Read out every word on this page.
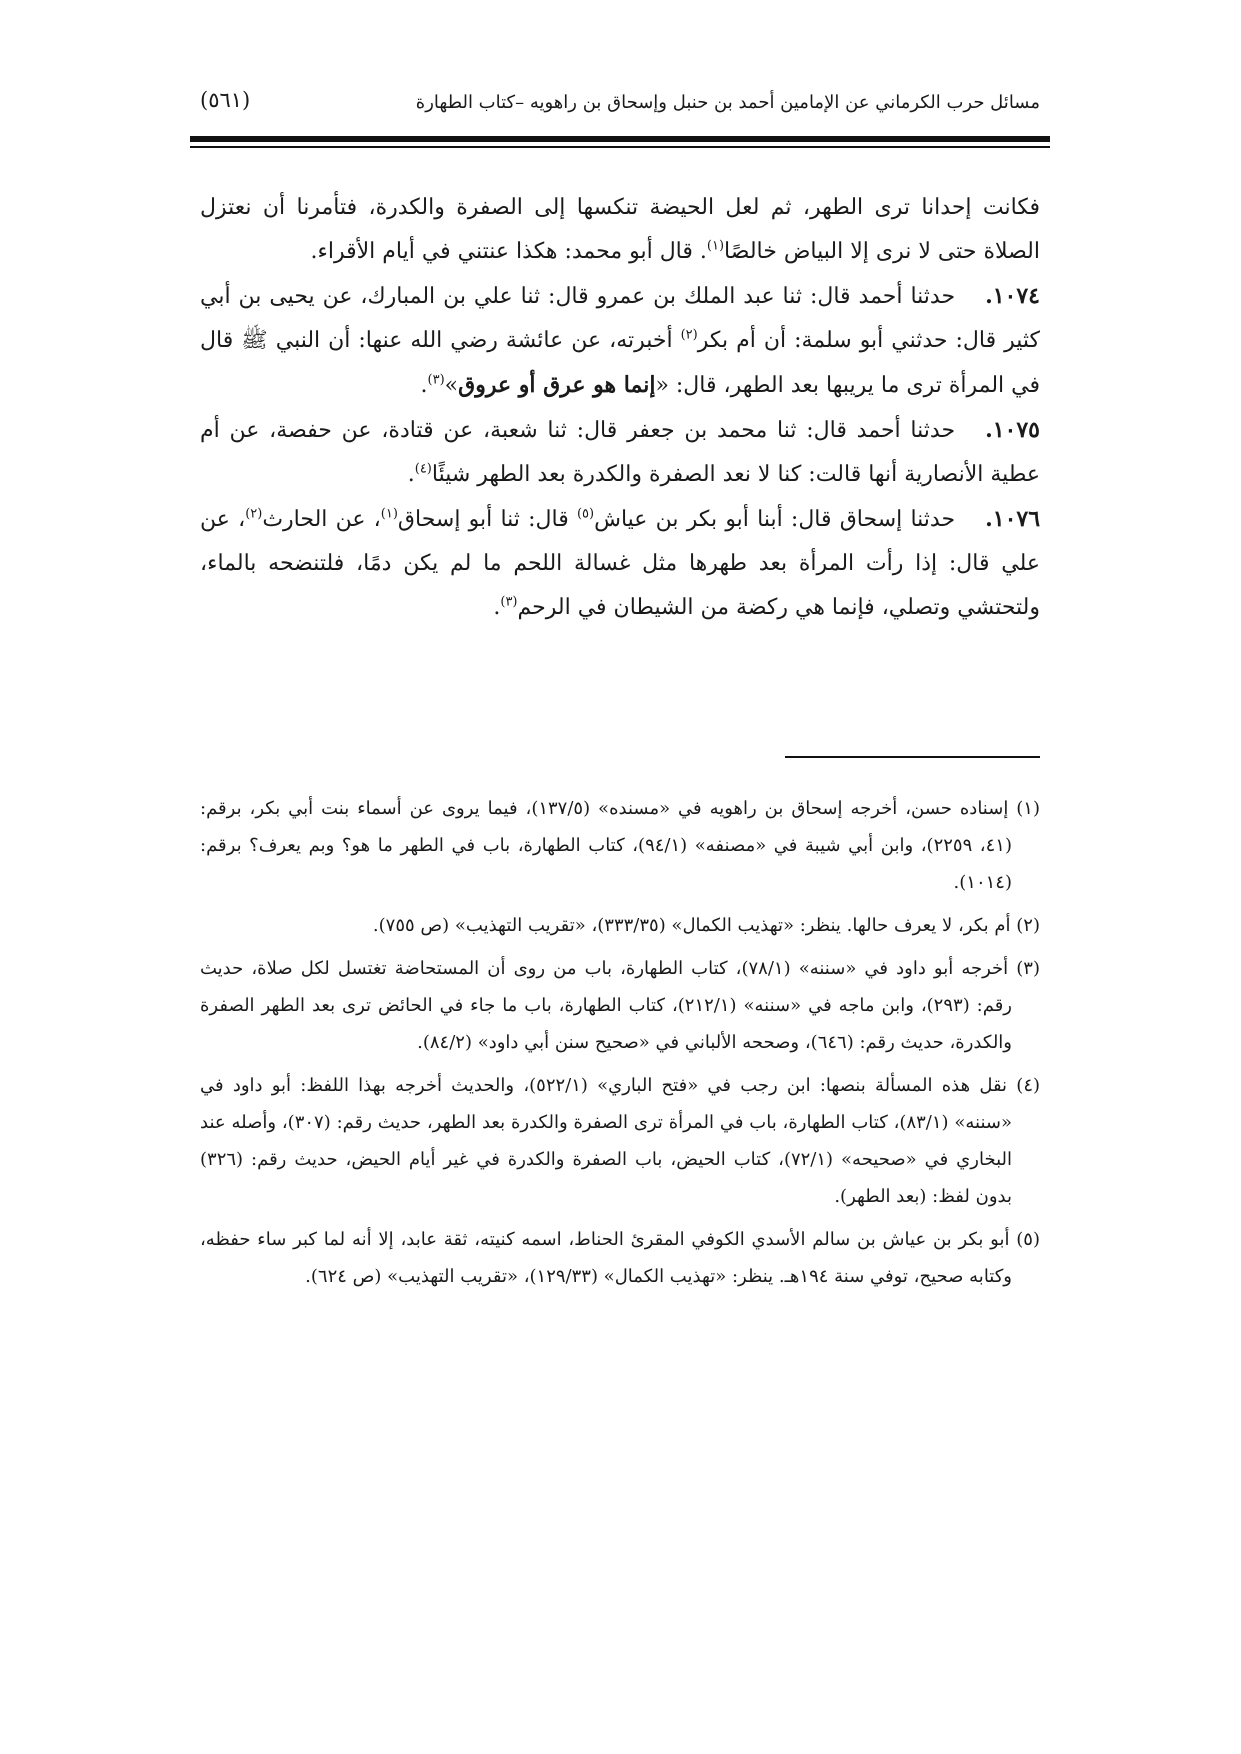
مسائل حرب الكرماني عن الإمامين أحمد بن حنبل وإسحاق بن راهويه –كتاب الطهارة
(٥٦١)

فكانت إحدانا ترى الطهر، ثم لعل الحيضة تنكسها إلى الصفرة والكدرة، فتأمرنا أن نعتزل الصلاة حتى لا نرى إلا البياض خالصًا$^{(١)}$. قال أبو محمد: هكذا عنتني في أيام الأقراء.

١٠٧٤.حدثنا أحمد قال: ثنا عبد الملك بن عمرو قال: ثنا علي بن المبارك، عن يحيى بن أبي كثير قال: حدثني أبو سلمة: أن أم بكر$^{(٢)}$ أخبرته، عن عائشة رضي الله عنها: أن النبي ﷺ قال في المرأة ترى ما يريبها بعد الطهر، قال: «إنما هو عرق أو عروق»$^{(٣)}$.

١٠٧٥.حدثنا أحمد قال: ثنا محمد بن جعفر قال: ثنا شعبة، عن قتادة، عن حفصة، عن أم عطية الأنصارية أنها قالت: كنا لا نعد الصفرة والكدرة بعد الطهر شيئًا$^{(٤)}$.

١٠٧٦.حدثنا إسحاق قال: أبنا أبو بكر بن عياش$^{(٥)}$ قال: ثنا أبو إسحاق$^{(١)}$، عن الحارث$^{(٢)}$، عن علي قال: إذا رأت المرأة بعد طهرها مثل غسالة اللحم ما لم يكن دمًا، فلتنضحه بالماء، ولتحتشي وتصلي، فإنما هي ركضة من الشيطان في الرحم$^{(٣)}$.

(١) إسناده حسن، أخرجه إسحاق بن راهويه في «مسنده» (١٣٧/٥)، فيما يروى عن أسماء بنت أبي بكر، برقم: (٤١، ٢٢٥٩)، وابن أبي شيبة في «مصنفه» (٩٤/١)، كتاب الطهارة، باب في الطهر ما هو؟ وبم يعرف؟ برقم: (١٠١٤).

(٢) أم بكر، لا يعرف حالها. ينظر: «تهذيب الكمال» (٣٣٣/٣٥)، «تقريب التهذيب» (ص ٧٥٥).

(٣) أخرجه أبو داود في «سننه» (٧٨/١)، كتاب الطهارة، باب من روى أن المستحاضة تغتسل لكل صلاة، حديث رقم: (٢٩٣)، وابن ماجه في «سننه» (٢١٢/١)، كتاب الطهارة، باب ما جاء في الحائض ترى بعد الطهر الصفرة والكدرة، حديث رقم: (٦٤٦)، وصححه الألباني في «صحيح سنن أبي داود» (٨٤/٢).

(٤) نقل هذه المسألة بنصها: ابن رجب في «فتح الباري» (٥٢٢/١)، والحديث أخرجه بهذا اللفظ: أبو داود في «سننه» (٨٣/١)، كتاب الطهارة، باب في المرأة ترى الصفرة والكدرة بعد الطهر، حديث رقم: (٣٠٧)، وأصله عند البخاري في «صحيحه» (٧٢/١)، كتاب الحيض، باب الصفرة والكدرة في غير أيام الحيض، حديث رقم: (٣٢٦) بدون لفظ: (بعد الطهر).

(٥) أبو بكر بن عياش بن سالم الأسدي الكوفي المقرئ الحناط، اسمه كنيته، ثقة عابد، إلا أنه لما كبر ساء حفظه، وكتابه صحيح، توفي سنة ١٩٤هـ. ينظر: «تهذيب الكمال» (١٢٩/٣٣)، «تقريب التهذيب» (ص ٦٢٤).
